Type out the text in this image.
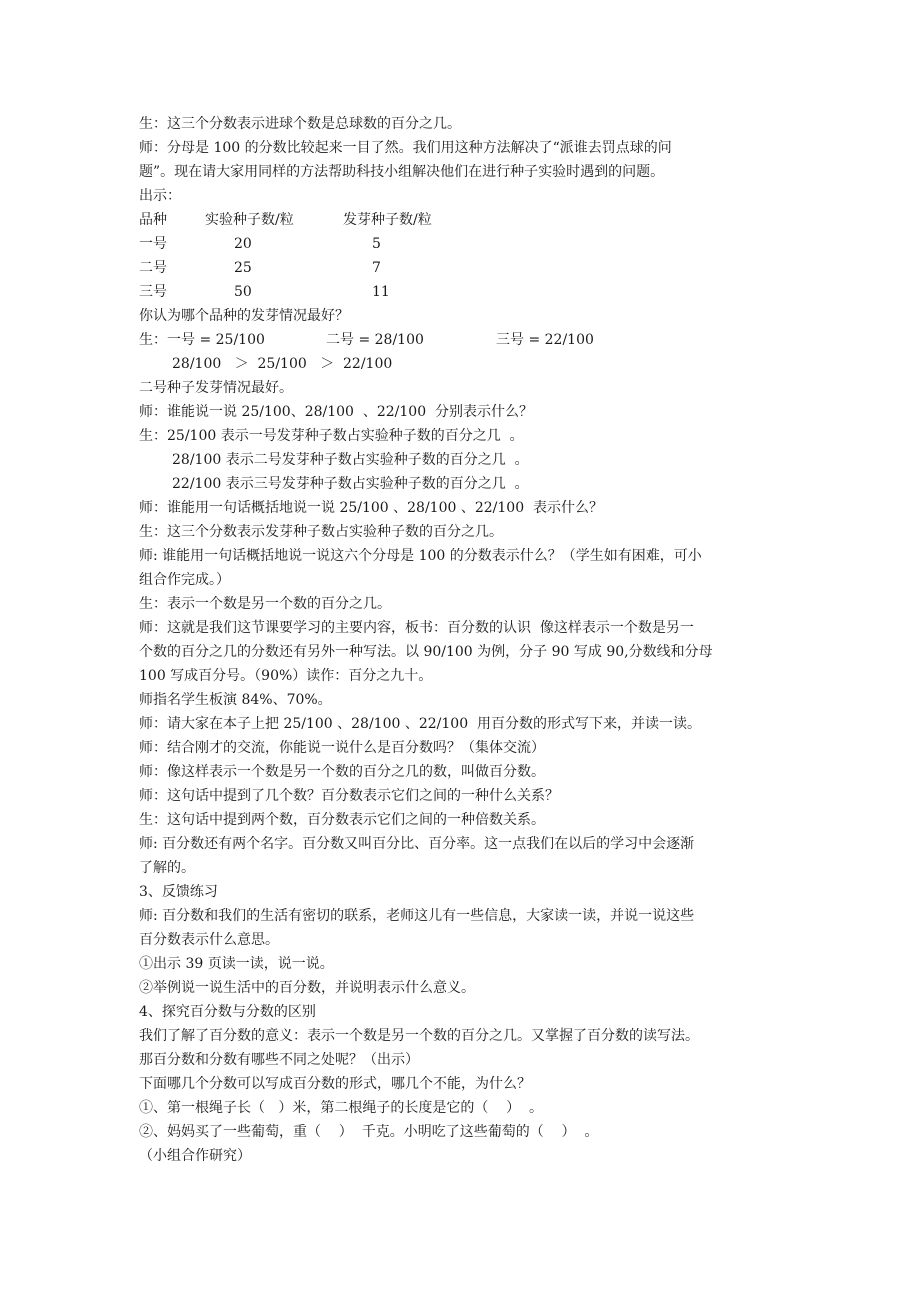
生：这三个分数表示进球个数是总球数的百分之几。
师：分母是 100 的分数比较起来一目了然。我们用这种方法解决了“派谁去罚点球的问
题”。现在请大家用同样的方法帮助科技小组解决他们在进行种子实验时遇到的问题。
出示：
品种	实验种子数/粒	发芽种子数/粒
一号	20	5
二号	25	7
三号	50	11
你认为哪个品种的发芽情况最好？
生：一号 = 25/100	二号 = 28/100	三号 = 22/100
28/100   ＞  25/100   ＞  22/100
二号种子发芽情况最好。
师：谁能说一说 25/100、28/100  、22/100  分别表示什么？
生：25/100 表示一号发芽种子数占实验种子数的百分之几  。
28/100 表示二号发芽种子数占实验种子数的百分之几  。
22/100 表示三号发芽种子数占实验种子数的百分之几  。
师：谁能用一句话概括地说一说 25/100 、28/100 、22/100  表示什么？
生：这三个分数表示发芽种子数占实验种子数的百分之几。
师: 谁能用一句话概括地说一说这六个分母是 100 的分数表示什么？（学生如有困难，可小
组合作完成。）
生：表示一个数是另一个数的百分之几。
师：这就是我们这节课要学习的主要内容，板书：百分数的认识  像这样表示一个数是另一
个数的百分之几的分数还有另外一种写法。以 90/100 为例，分子 90 写成 90,分数线和分母
100 写成百分号。（90%）读作：百分之九十。
师指名学生板演 84%、70%。
师：请大家在本子上把 25/100 、28/100 、22/100  用百分数的形式写下来，并读一读。
师：结合刚才的交流，你能说一说什么是百分数吗？（集体交流）
师：像这样表示一个数是另一个数的百分之几的数，叫做百分数。
师：这句话中提到了几个数？百分数表示它们之间的一种什么关系？
生：这句话中提到两个数，百分数表示它们之间的一种倍数关系。
师: 百分数还有两个名字。百分数又叫百分比、百分率。这一点我们在以后的学习中会逐渐
了解的。
3、反馈练习
师: 百分数和我们的生活有密切的联系，老师这儿有一些信息，大家读一读，并说一说这些
百分数表示什么意思。
①出示 39 页读一读，说一说。
②举例说一说生活中的百分数，并说明表示什么意义。
4、探究百分数与分数的区别
我们了解了百分数的意义：表示一个数是另一个数的百分之几。又掌握了百分数的读写法。
那百分数和分数有哪些不同之处呢？（出示）
下面哪几个分数可以写成百分数的形式，哪几个不能，为什么？
①、第一根绳子长（   ）米，第二根绳子的长度是它的（    ）  。
②、妈妈买了一些葡萄，重（    ）  千克。小明吃了这些葡萄的（    ）  。
（小组合作研究）
